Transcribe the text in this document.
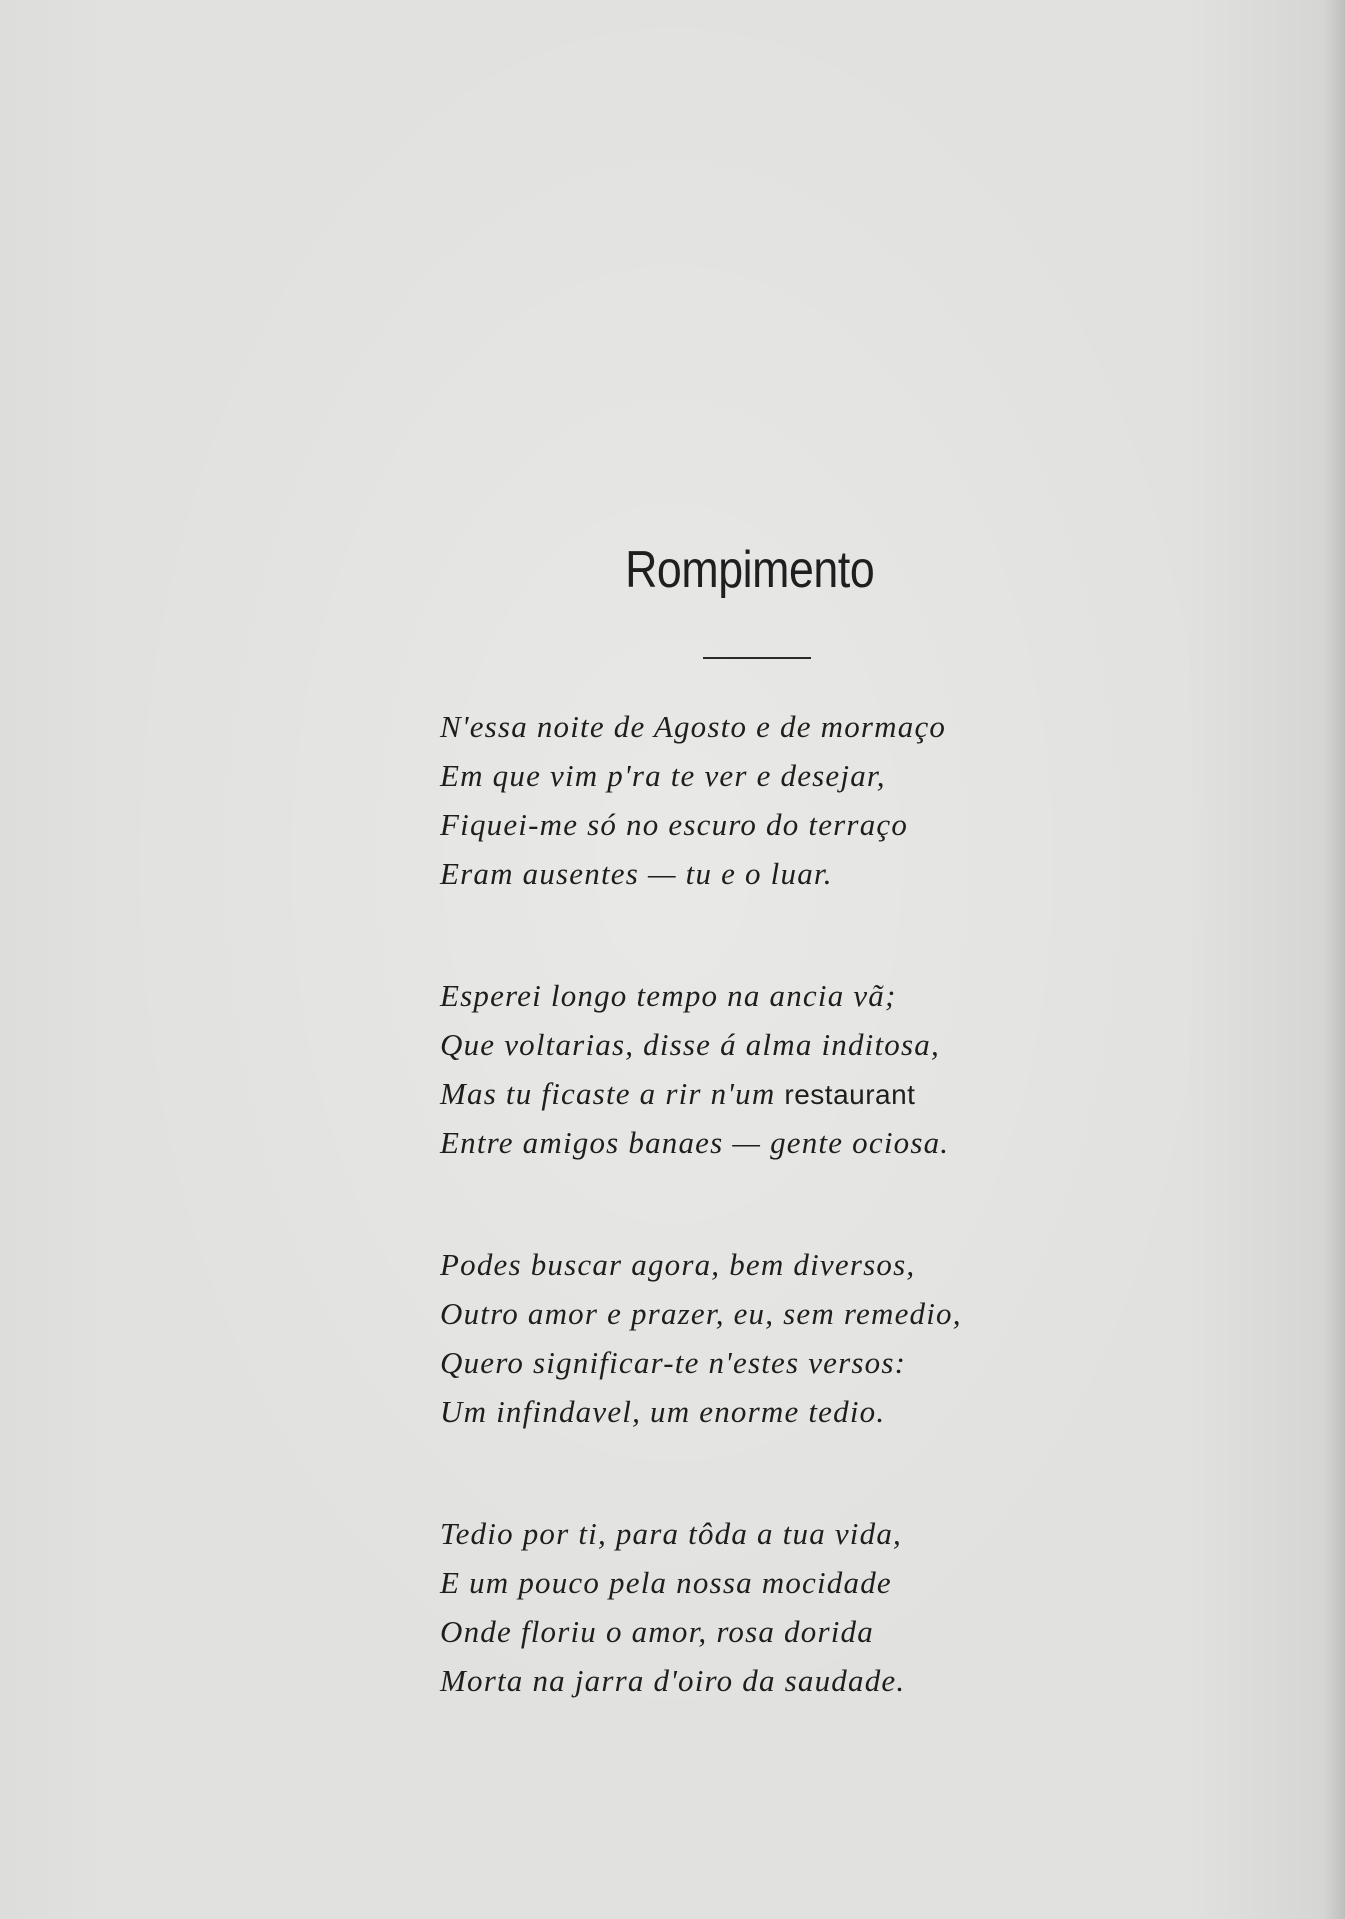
Rompimento
N'essa noite de Agosto e de mormaço
Em que vim p'ra te ver e desejar,
Fiquei-me só no escuro do terraço
Eram ausentes — tu e o luar.
Esperei longo tempo na ancia vã;
Que voltarias, disse á alma inditosa,
Mas tu ficaste a rir n'um restaurant
Entre amigos banaes — gente ociosa.
Podes buscar agora, bem diversos,
Outro amor e prazer, eu, sem remedio,
Quero significar-te n'estes versos:
Um infindavel, um enorme tedio.
Tedio por ti, para tôda a tua vida,
E um pouco pela nossa mocidade
Onde floriu o amor, rosa dorida
Morta na jarra d'oiro da saudade.
